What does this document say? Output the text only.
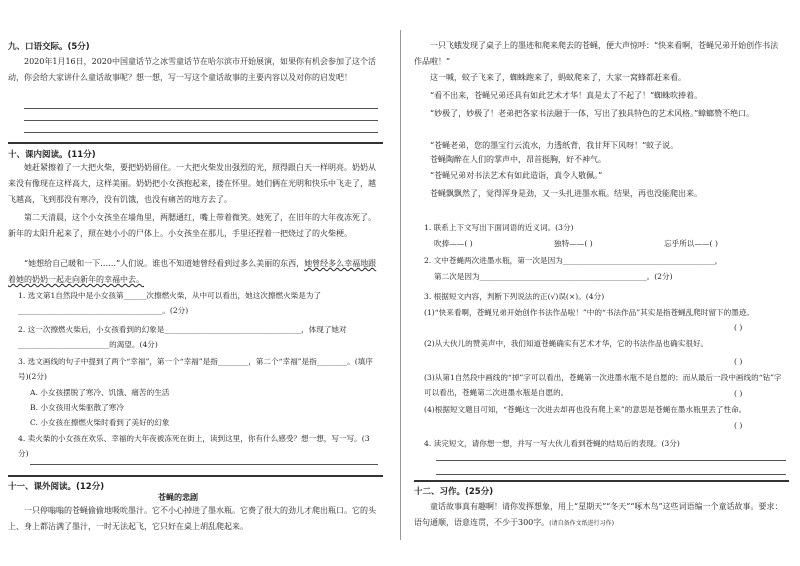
九、口语交际。(5分)
2020年1月16日，2020中国童话节之冰雪童话节在哈尔滨市开始展演，如果你有机会参加了这个活动，你会给大家讲什么童话故事呢？想一想，写一写这个童话故事的主要内容以及对你的启发吧！
十、课内阅读。(11分)
她赶紧擦着了一大把火柴，要把奶奶留住。一大把火柴发出强烈的光，照得跟白天一样明亮。奶奶从来没有像现在这样高大，这样美丽。奶奶把小女孩抱起来，搂在怀里。她们俩在光明和快乐中飞走了，越飞越高，飞到那没有寒冷，没有饥饿，也没有痛苦的地方去了。
第二天清晨，这个小女孩坐在墙角里，两腮通红，嘴上带着微笑。她死了，在旧年的大年夜冻死了。新年的太阳升起来了，照在她小小的尸体上。小女孩坐在那儿，手里还捏着一把烧过了的火柴梗。
“她想给自己暖和一下……”人们说。谁也不知道她曾经看到过多么美丽的东西，她曾经多么幸福地跟着她的奶奶一起走向新年的幸福中去。
1. 选文第1自然段中是小女孩第______次擦燃火柴，从中可以看出，她这次擦燃火柴是为了______________________________________。(2分)
2. 这一次擦燃火柴后，小女孩看到的幻象是____________________________________，体现了她对________________________的渴望。(4分)
3. 选文画线的句子中提到了两个“幸福”，第一个“幸福”是指________，第二个“幸福”是指________。(填序号)(2分)
A. 小女孩摆脱了寒冷、饥饿、痛苦的生活
B. 小女孩用火柴驱散了寒冷
C. 小女孩在擦燃火柴时看到了美好的幻象
4. 卖火柴的小女孩在欢乐、幸福的大年夜被冻死在街上，读到这里，你有什么感受？想一想，写一写。(3分)
十一、课外阅读。(12分)
苍蝇的悲剧
一只停嗡嗡的苍蝇偷偷地吸吮墨汁。它不小心掉进了墨水瓶。它费了很大的劲儿才爬出瓶口。它的头上、身上都沾满了墨汁，一时无法起飞，它只好在桌上胡乱爬起来。
一只飞蛾发现了桌子上的墨迹和爬来爬去的苍蝇，便大声惊呼：“快来看啊，苍蝇兄弟开始创作书法作品啦！”
这一喊，蚊子飞来了，蜘蛛跑来了，蚂蚁爬来了，大家一窝蜂都赶来看。
“看不出来，苍蝇兄弟还具有如此艺术才华！真是太了不起了！”蜘蛛吹捧着。
“妙极了，妙极了！老弟把各家书法融于一体，写出了独具特色的艺术风格。”蟑螂赞不绝口。
“苍蝇老弟，您的墨宝行云流水，力透纸背，我甘拜下风呀！”蚊子说。
苍蝇陶醉在人们的掌声中，昂首挺胸，好不神气。
“苍蝇兄弟对书法艺术有如此造诣，真令人敬佩。”
苍蝇飘飘然了，觉得浑身是劲，又一头扎进墨水瓶。结果，再也没能爬出来。
1. 联系上下文写出下面词语的近义词。(3分)
吹捧——( )	独特——( )	忘乎所以——( )
2. 文中苍蝇两次进墨水瓶，第一次是因为________________________________________，
第二次是因为____________________________________________。(2分)
3. 根据短文内容，判断下列说法的正(√)误(×)。(4分)
(1)“快来看啊，苍蝇兄弟开始创作书法作品啦！”中的“书法作品”其实是指苍蝇乱爬时留下的墨迹。
( )
(2)从大伙儿的赞美声中，我们知道苍蝇确实有艺术才华，它的书法作品也确实很好。
( )
(3)从第1自然段中画线的“掉”字可以看出，苍蝇第一次进墨水瓶不是自愿的；而从最后一段中画线的“钻”字可以看出，苍蝇第二次进墨水瓶是自愿的。	( )
(4)根据短文题目可知，“苍蝇这一次进去却再也没有爬上来”的意思是苍蝇在墨水瓶里丢了性命。
( )
4. 读完短文，请你想一想，并写一写大伙儿看到苍蝇的结局后的表现。(3分)
十二、习作。(25分)
童话故事真有趣啊！请你发挥想象，用上“星期天”“冬天”“啄木鸟”这些词语编一个童话故事。要求：语句通顺，语意连贯，不少于300字。(请自备作文纸进行习作)
